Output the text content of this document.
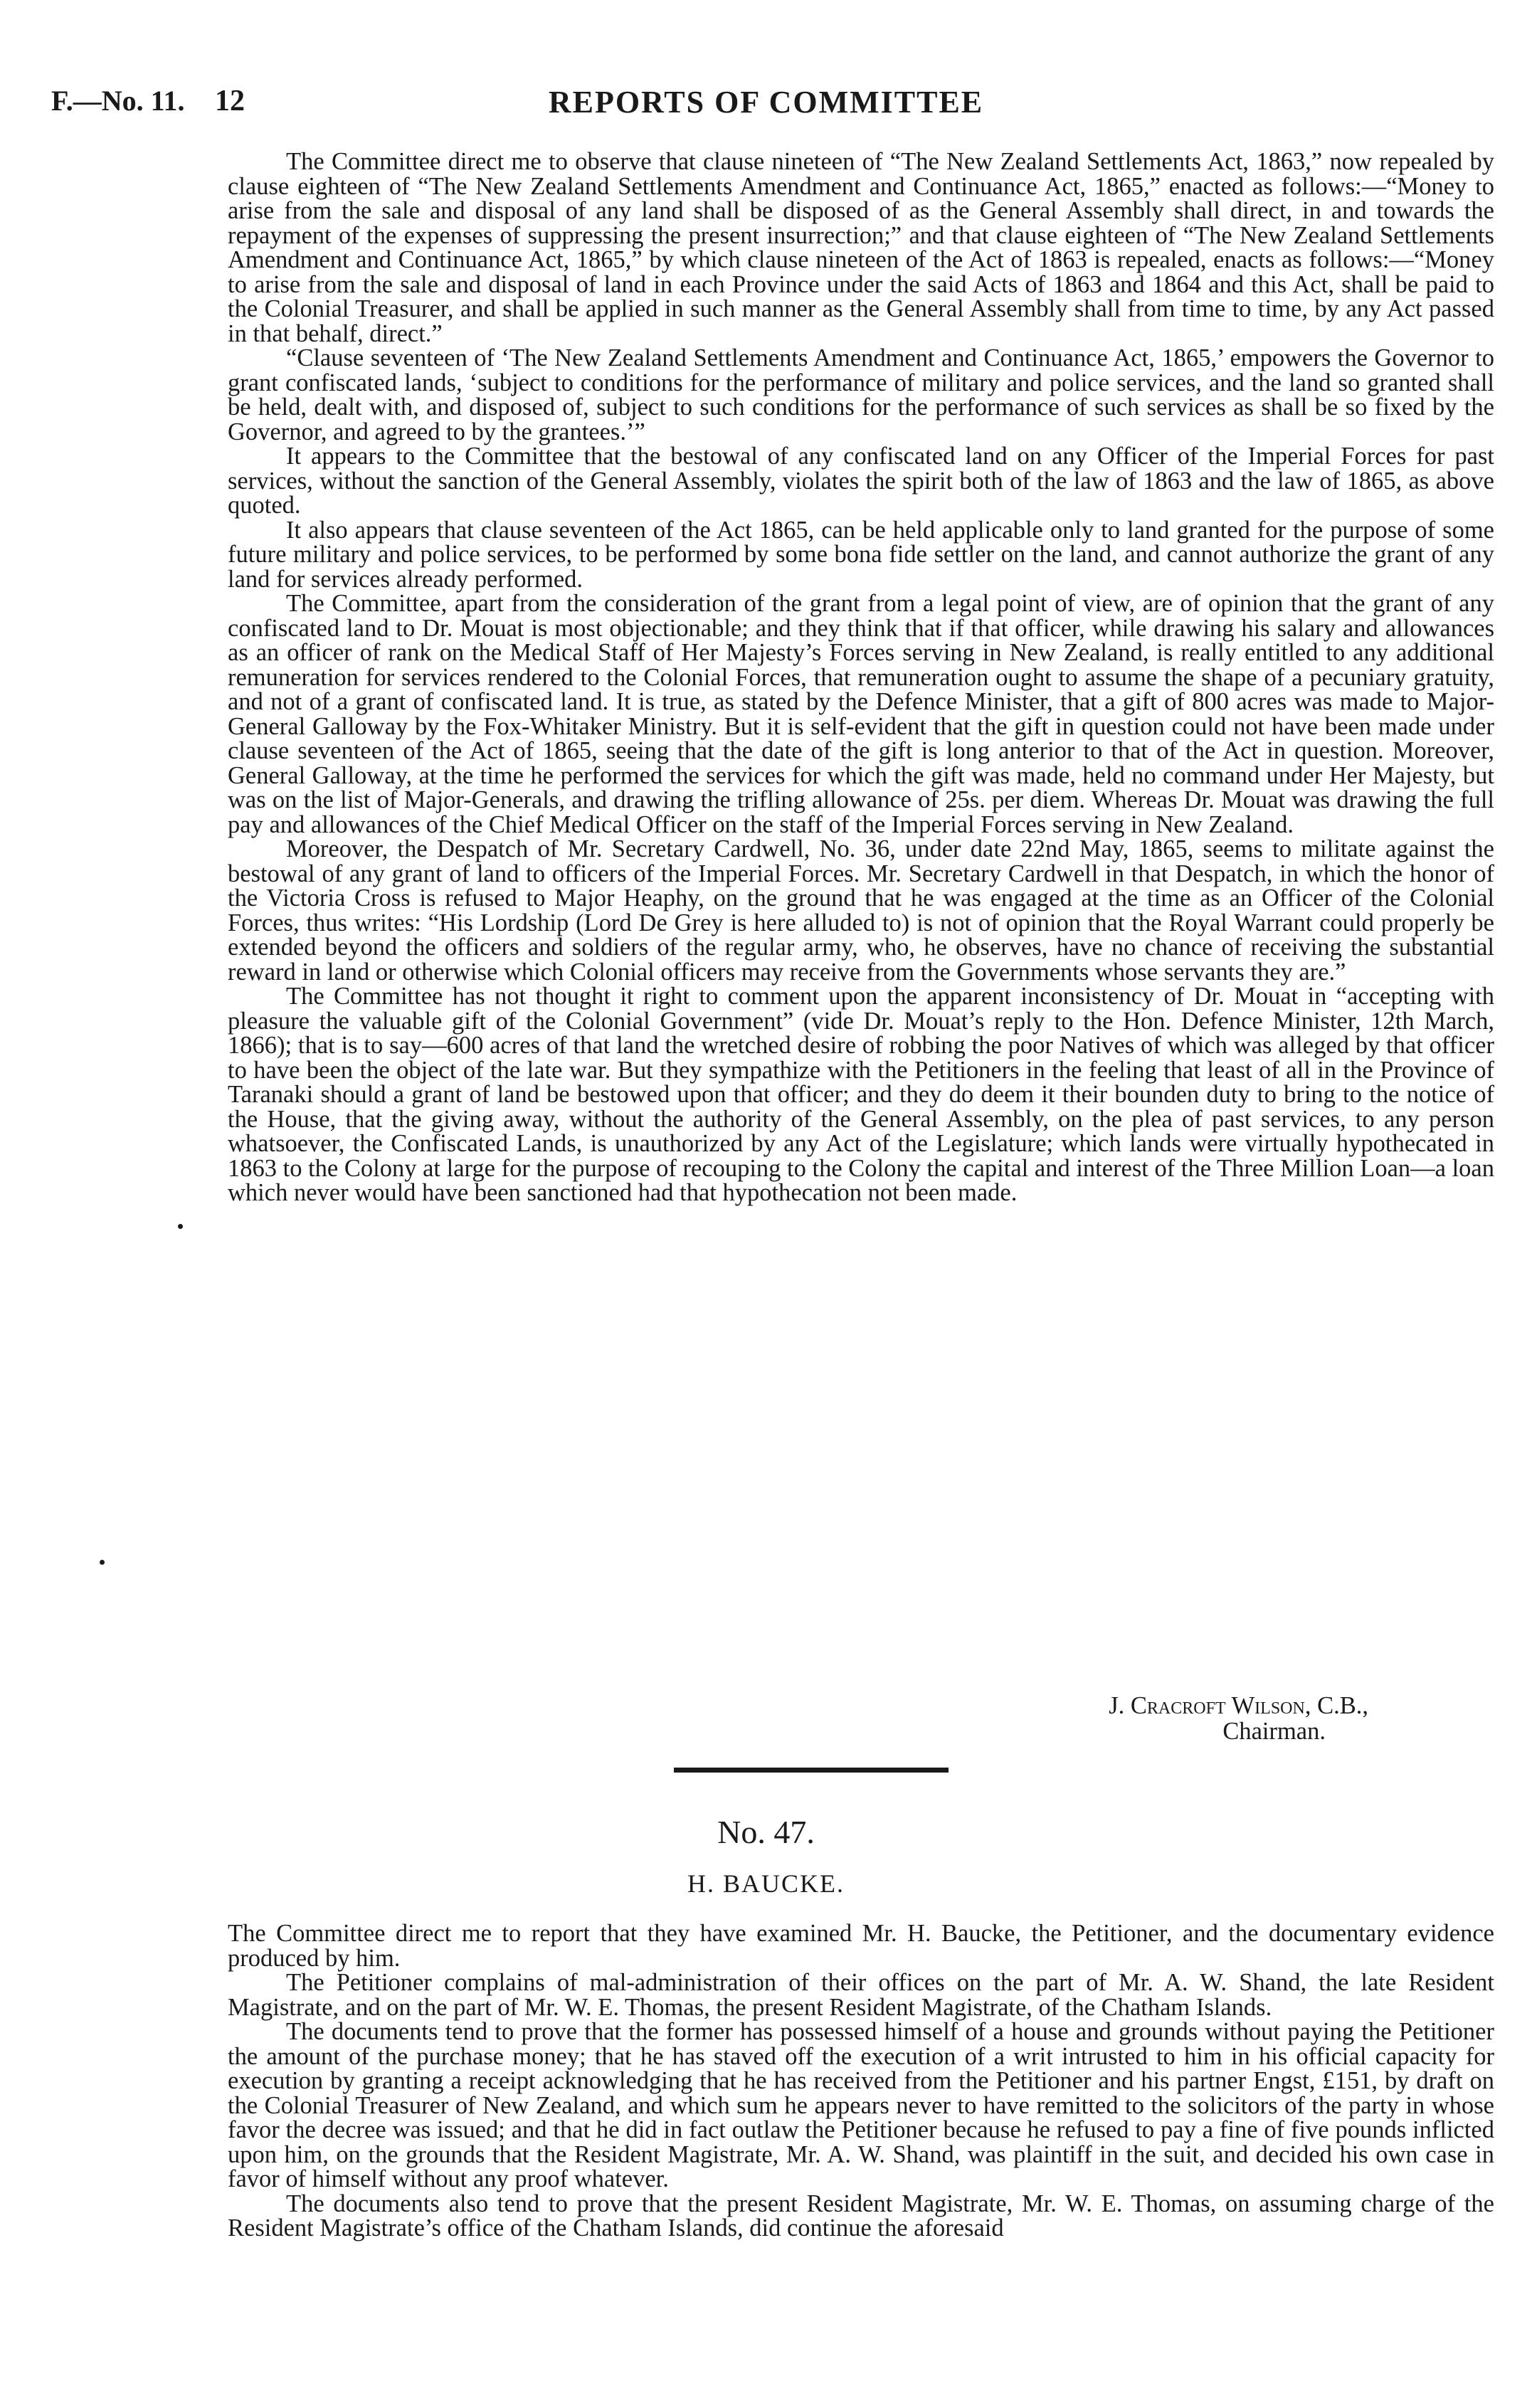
F.—No. 11. 12	REPORTS OF COMMITTEE

The Committee direct me to observe that clause nineteen of “The New Zealand Settlements Act, 1863,” now repealed by clause eighteen of “The New Zealand Settlements Amendment and Continuance Act, 1865,” enacted as follows:—“Money to arise from the sale and disposal of any land shall be disposed of as the General Assembly shall direct, in and towards the repayment of the expenses of suppressing the present insurrection;” and that clause eighteen of “The New Zealand Settlements Amendment and Continuance Act, 1865,” by which clause nineteen of the Act of 1863 is repealed, enacts as follows:—“Money to arise from the sale and disposal of land in each Province under the said Acts of 1863 and 1864 and this Act, shall be paid to the Colonial Treasurer, and shall be applied in such manner as the General Assembly shall from time to time, by any Act passed in that behalf, direct.”

“Clause seventeen of ‘The New Zealand Settlements Amendment and Continuance Act, 1865,’ empowers the Governor to grant confiscated lands, ‘subject to conditions for the performance of military and police services, and the land so granted shall be held, dealt with, and disposed of, subject to such conditions for the performance of such services as shall be so fixed by the Governor, and agreed to by the grantees.’”

It appears to the Committee that the bestowal of any confiscated land on any Officer of the Imperial Forces for past services, without the sanction of the General Assembly, violates the spirit both of the law of 1863 and the law of 1865, as above quoted.

It also appears that clause seventeen of the Act 1865, can be held applicable only to land granted for the purpose of some future military and police services, to be performed by some bona fide settler on the land, and cannot authorize the grant of any land for services already performed.

The Committee, apart from the consideration of the grant from a legal point of view, are of opinion that the grant of any confiscated land to Dr. Mouat is most objectionable; and they think that if that officer, while drawing his salary and allowances as an officer of rank on the Medical Staff of Her Majesty’s Forces serving in New Zealand, is really entitled to any additional remuneration for services rendered to the Colonial Forces, that remuneration ought to assume the shape of a pecuniary gratuity, and not of a grant of confiscated land. It is true, as stated by the Defence Minister, that a gift of 800 acres was made to Major-General Galloway by the Fox-Whitaker Ministry. But it is self-evident that the gift in question could not have been made under clause seventeen of the Act of 1865, seeing that the date of the gift is long anterior to that of the Act in question. Moreover, General Galloway, at the time he performed the services for which the gift was made, held no command under Her Majesty, but was on the list of Major-Generals, and drawing the trifling allowance of 25s. per diem. Whereas Dr. Mouat was drawing the full pay and allowances of the Chief Medical Officer on the staff of the Imperial Forces serving in New Zealand.

Moreover, the Despatch of Mr. Secretary Cardwell, No. 36, under date 22nd May, 1865, seems to militate against the bestowal of any grant of land to officers of the Imperial Forces. Mr. Secretary Cardwell in that Despatch, in which the honor of the Victoria Cross is refused to Major Heaphy, on the ground that he was engaged at the time as an Officer of the Colonial Forces, thus writes: “His Lordship (Lord De Grey is here alluded to) is not of opinion that the Royal Warrant could properly be extended beyond the officers and soldiers of the regular army, who, he observes, have no chance of receiving the substantial reward in land or otherwise which Colonial officers may receive from the Governments whose servants they are.”

The Committee has not thought it right to comment upon the apparent inconsistency of Dr. Mouat in “accepting with pleasure the valuable gift of the Colonial Government” (vide Dr. Mouat’s reply to the Hon. Defence Minister, 12th March, 1866); that is to say—600 acres of that land the wretched desire of robbing the poor Natives of which was alleged by that officer to have been the object of the late war. But they sympathize with the Petitioners in the feeling that least of all in the Province of Taranaki should a grant of land be bestowed upon that officer; and they do deem it their bounden duty to bring to the notice of the House, that the giving away, without the authority of the General Assembly, on the plea of past services, to any person whatsoever, the Confiscated Lands, is unauthorized by any Act of the Legislature; which lands were virtually hypothecated in 1863 to the Colony at large for the purpose of recouping to the Colony the capital and interest of the Three Million Loan—a loan which never would have been sanctioned had that hypothecation not been made.

J. Cracroft Wilson, C.B.,
Chairman.
No. 47.
H. BAUCKE.

The Committee direct me to report that they have examined Mr. H. Baucke, the Petitioner, and the documentary evidence produced by him.

The Petitioner complains of mal-administration of their offices on the part of Mr. A. W. Shand, the late Resident Magistrate, and on the part of Mr. W. E. Thomas, the present Resident Magistrate, of the Chatham Islands.

The documents tend to prove that the former has possessed himself of a house and grounds without paying the Petitioner the amount of the purchase money; that he has staved off the execution of a writ intrusted to him in his official capacity for execution by granting a receipt acknowledging that he has received from the Petitioner and his partner Engst, £151, by draft on the Colonial Treasurer of New Zealand, and which sum he appears never to have remitted to the solicitors of the party in whose favor the decree was issued; and that he did in fact outlaw the Petitioner because he refused to pay a fine of five pounds inflicted upon him, on the grounds that the Resident Magistrate, Mr. A. W. Shand, was plaintiff in the suit, and decided his own case in favor of himself without any proof whatever.

The documents also tend to prove that the present Resident Magistrate, Mr. W. E. Thomas, on assuming charge of the Resident Magistrate’s office of the Chatham Islands, did continue the aforesaid
